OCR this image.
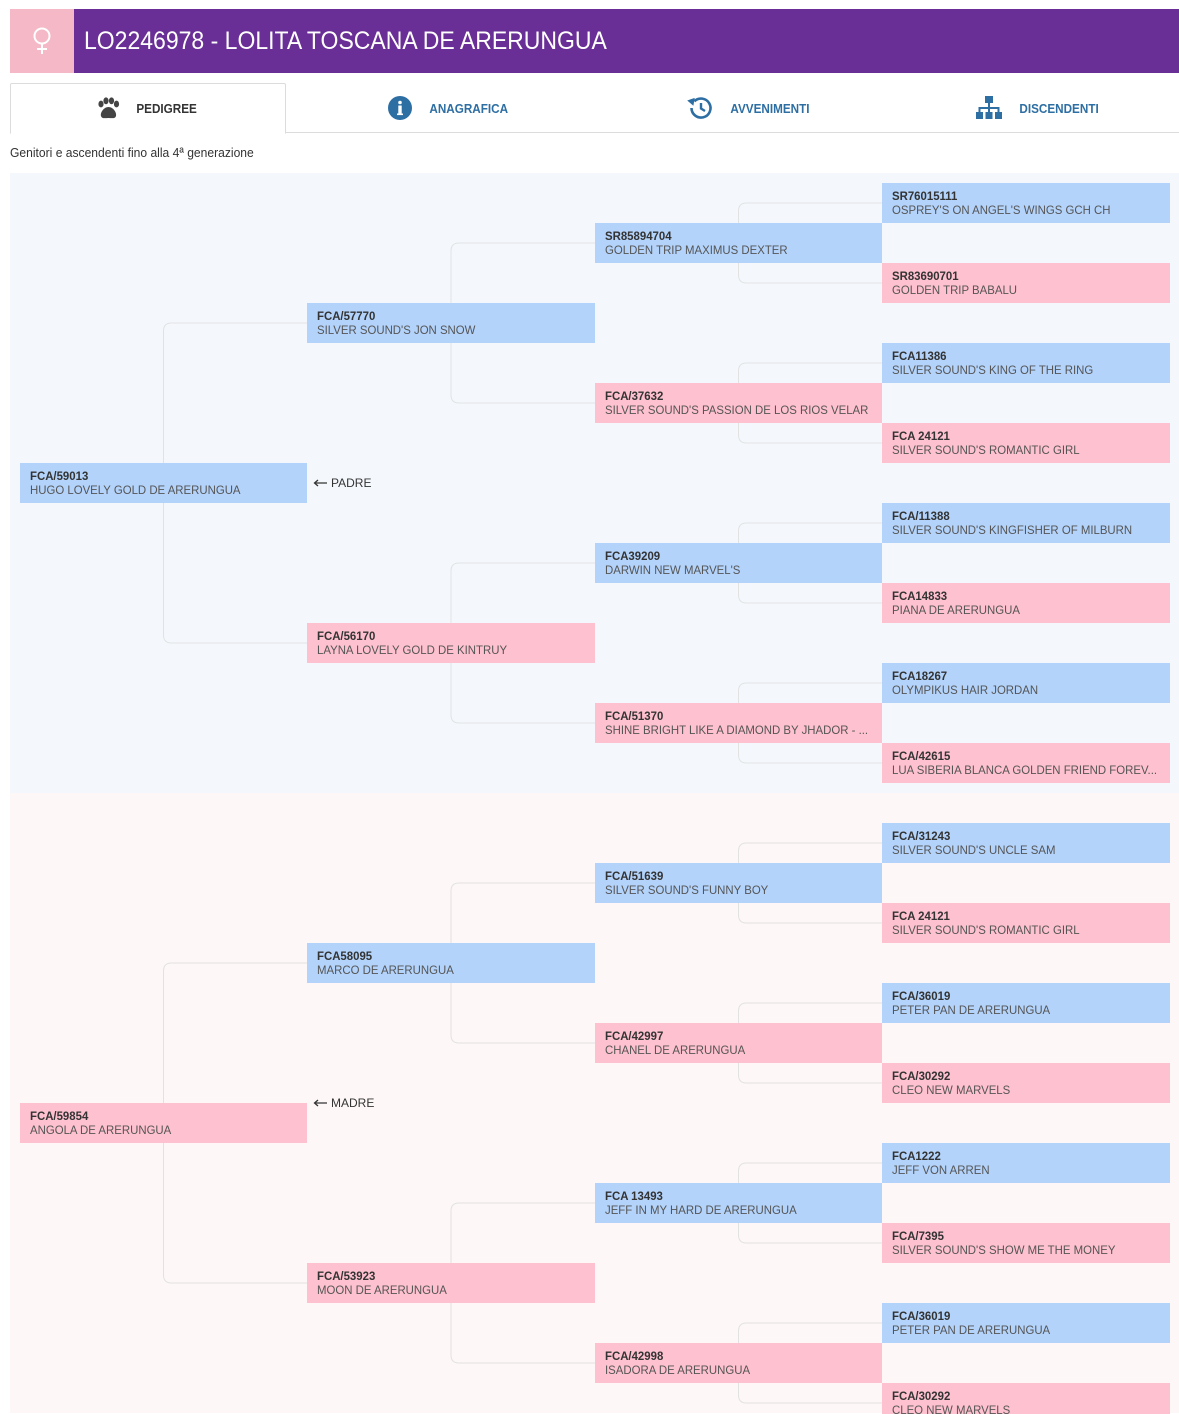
LO2246978 - LOLITA TOSCANA DE ARERUNGUA
PEDIGREE	ANAGRAFICA	AVVENIMENTI	DISCENDENTI
Genitori e ascendenti fino alla 4ª generazione
FCA/59013
HUGO LOVELY GOLD DE ARERUNGUA
FCA/59854
ANGOLA DE ARERUNGUA
FCA/57770
SILVER SOUND'S JON SNOW
FCA/56170
LAYNA LOVELY GOLD DE KINTRUY
FCA58095
MARCO DE ARERUNGUA
FCA/53923
MOON DE ARERUNGUA
SR85894704
GOLDEN TRIP MAXIMUS DEXTER
FCA/37632
SILVER SOUND'S PASSION DE LOS RIOS VELAR
FCA39209
DARWIN NEW MARVEL'S
FCA/51370
SHINE BRIGHT LIKE A DIAMOND BY JHADOR - ...
FCA/51639
SILVER SOUND'S FUNNY BOY
FCA/42997
CHANEL DE ARERUNGUA
FCA 13493
JEFF IN MY HARD DE ARERUNGUA
FCA/42998
ISADORA DE ARERUNGUA
SR76015111
OSPREY'S ON ANGEL'S WINGS GCH CH
SR83690701
GOLDEN TRIP BABALU
FCA11386
SILVER SOUND'S KING OF THE RING
FCA 24121
SILVER SOUND'S ROMANTIC GIRL
FCA/11388
SILVER SOUND'S KINGFISHER OF MILBURN
FCA14833
PIANA DE ARERUNGUA
FCA18267
OLYMPIKUS HAIR JORDAN
FCA/42615
LUA SIBERIA BLANCA GOLDEN FRIEND FOREV...
FCA/31243
SILVER SOUND'S UNCLE SAM
FCA 24121
SILVER SOUND'S ROMANTIC GIRL
FCA/36019
PETER PAN DE ARERUNGUA
FCA/30292
CLEO NEW MARVELS
FCA1222
JEFF VON ARREN
FCA/7395
SILVER SOUND'S SHOW ME THE MONEY
FCA/36019
PETER PAN DE ARERUNGUA
FCA/30292
CLEO NEW MARVELS
PADRE
MADRE
